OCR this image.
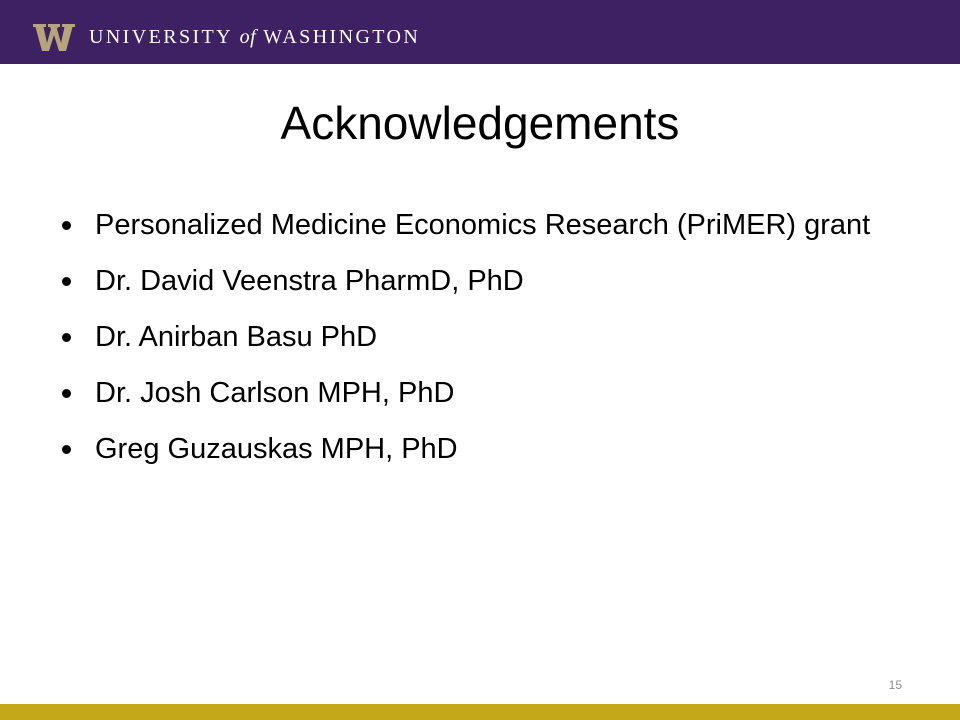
UNIVERSITY of WASHINGTON
Acknowledgements
Personalized Medicine Economics Research (PriMER) grant
Dr. David Veenstra PharmD, PhD
Dr. Anirban Basu PhD
Dr. Josh Carlson MPH, PhD
Greg Guzauskas MPH, PhD
15
